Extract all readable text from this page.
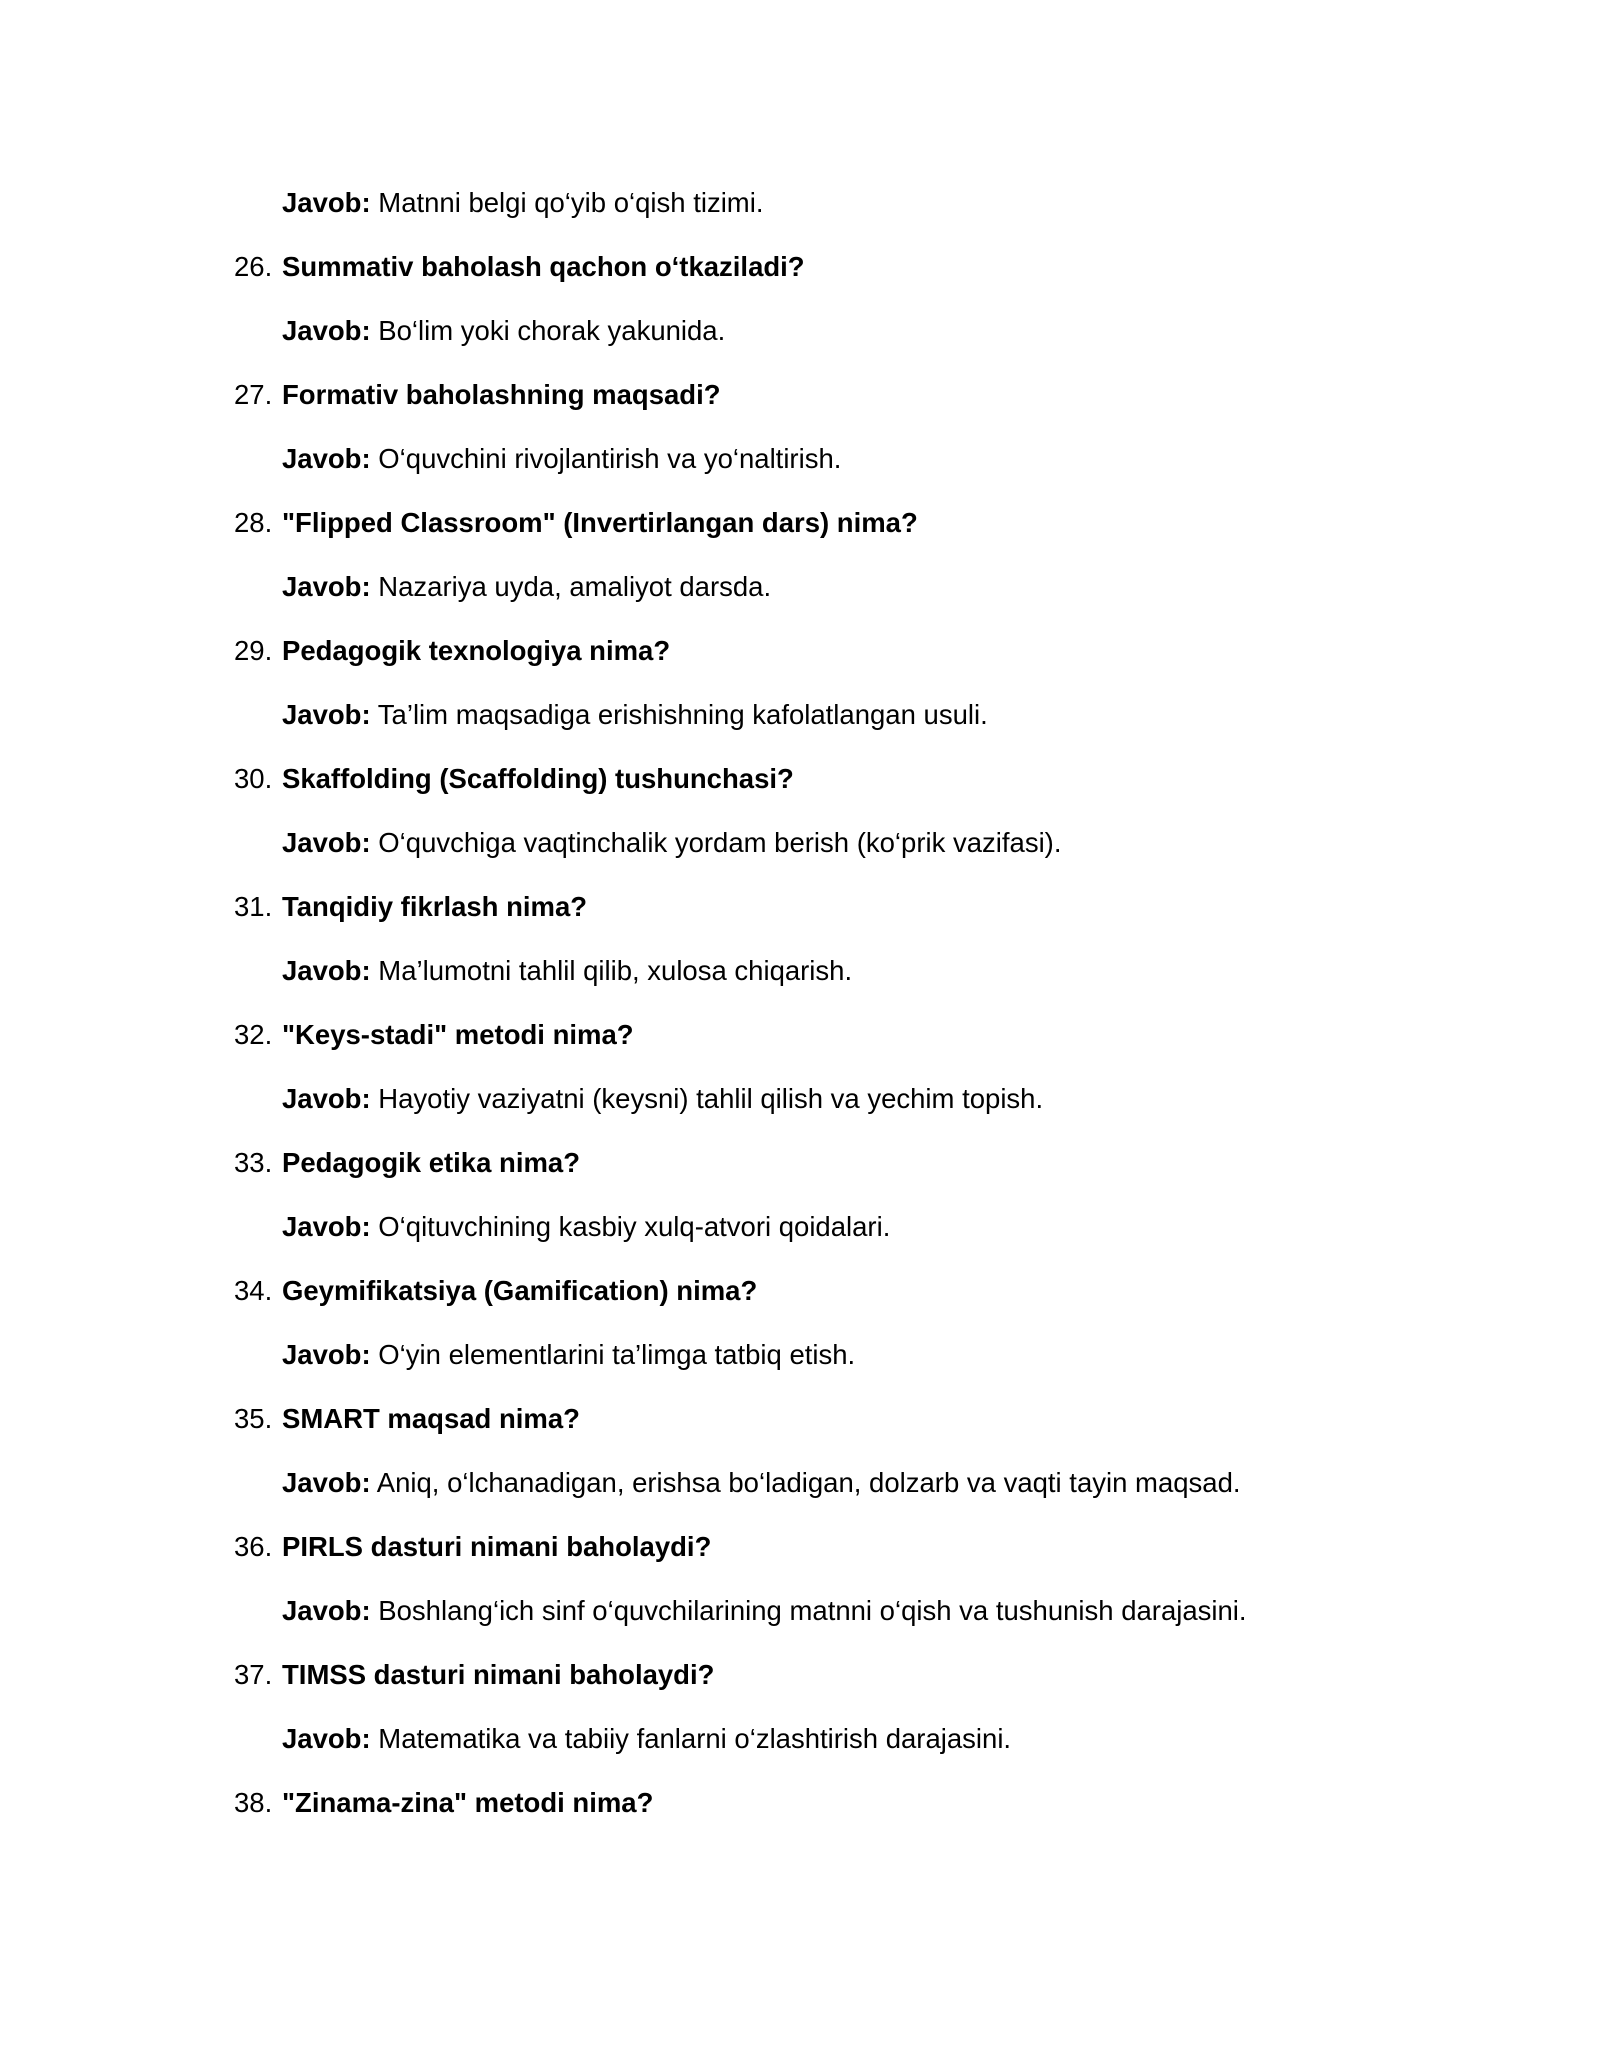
Javob: Matnni belgi qo‘yib o‘qish tizimi.
26. Summativ baholash qachon o‘tkaziladi?
Javob: Bo‘lim yoki chorak yakunida.
27. Formativ baholashning maqsadi?
Javob: O‘quvchini rivojlantirish va yo‘naltirish.
28. "Flipped Classroom" (Invertirlangan dars) nima?
Javob: Nazariya uyda, amaliyot darsda.
29. Pedagogik texnologiya nima?
Javob: Ta’lim maqsadiga erishishning kafolatlangan usuli.
30. Skaffolding (Scaffolding) tushunchasi?
Javob: O‘quvchiga vaqtinchalik yordam berish (ko‘prik vazifasi).
31. Tanqidiy fikrlash nima?
Javob: Ma’lumotni tahlil qilib, xulosa chiqarish.
32. "Keys-stadi" metodi nima?
Javob: Hayotiy vaziyatni (keysni) tahlil qilish va yechim topish.
33. Pedagogik etika nima?
Javob: O‘qituvchining kasbiy xulq-atvori qoidalari.
34. Geymifikatsiya (Gamification) nima?
Javob: O‘yin elementlarini ta’limga tatbiq etish.
35. SMART maqsad nima?
Javob: Aniq, o‘lchanadigan, erishsa bo‘ladigan, dolzarb va vaqti tayin maqsad.
36. PIRLS dasturi nimani baholaydi?
Javob: Boshlang‘ich sinf o‘quvchilarining matnni o‘qish va tushunish darajasini.
37. TIMSS dasturi nimani baholaydi?
Javob: Matematika va tabiiy fanlarni o‘zlashtirish darajasini.
38. "Zinama-zina" metodi nima?
